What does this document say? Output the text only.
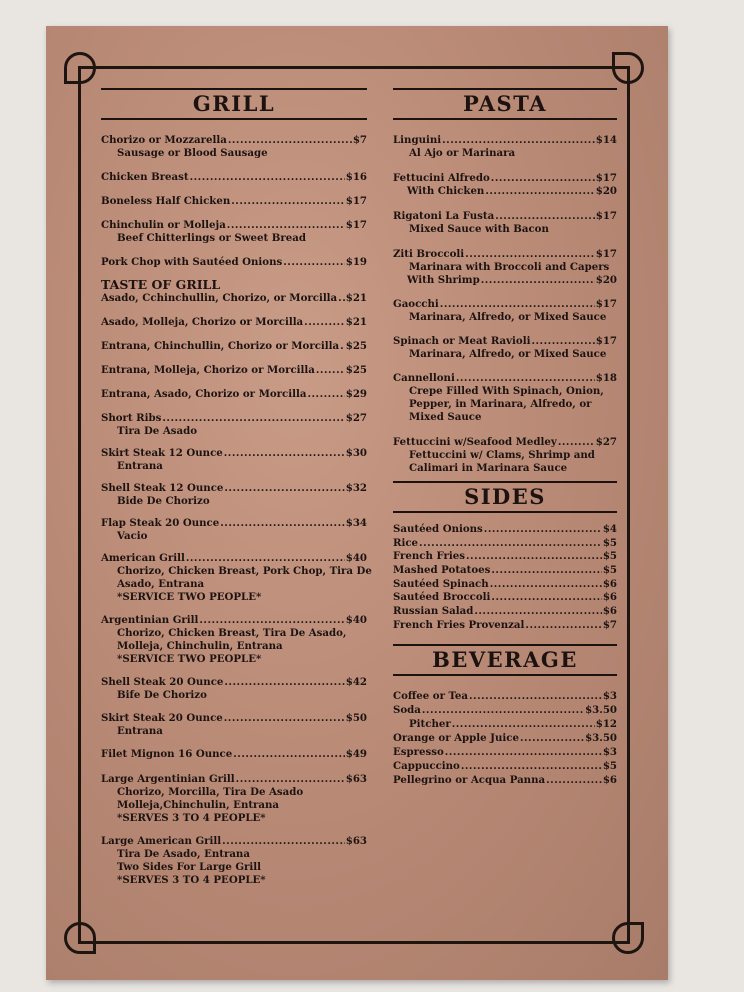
GRILL
Chorizo or Mozzarella .....	$7
Sausage or Blood Sausage
Chicken Breast .....	$16
Boneless Half Chicken .....	$17
Chinchulin or Molleja .....	$17
Beef Chitterlings or Sweet Bread
Pork Chop with Sautéed Onions .....	$19
TASTE OF GRILL
Asado, Cchinchullin, Chorizo, or Morcilla ..... $21
Asado, Molleja, Chorizo or Morcilla .....	$21
Entrana, Chinchullin, Chorizo or Morcilla ..... $25
Entrana, Molleja, Chorizo or Morcilla .....	$25
Entrana, Asado, Chorizo or Morcilla .....	$29
Short Ribs .....	$27
Tira De Asado
Skirt Steak 12 Ounce .....	$30
Entrana
Shell Steak 12 Ounce .....	$32
Bide De Chorizo
Flap Steak 20 Ounce .....	$34
Vacio
American Grill .....	$40
Chorizo, Chicken Breast, Pork Chop, Tira De
Asado, Entrana
*SERVICE TWO PEOPLE*
Argentinian Grill .....	$40
Chorizo, Chicken Breast, Tira De Asado,
Molleja, Chinchulin, Entrana
*SERVICE TWO PEOPLE*
Shell Steak 20 Ounce .....	$42
Bife De Chorizo
Skirt Steak 20 Ounce .....	$50
Entrana
Filet Mignon 16 Ounce .....	$49
Large Argentinian Grill .....	$63
Chorizo, Morcilla, Tira De Asado
Molleja,Chinchulin, Entrana
*SERVES 3 TO 4 PEOPLE*
Large American Grill .....	$63
Tira De Asado, Entrana
Two Sides For Large Grill
*SERVES 3 TO 4 PEOPLE*
PASTA
Linguini .....	$14
Al Ajo or Marinara
Fettucini Alfredo .....	$17
With Chicken .....	$20
Rigatoni La Fusta .....	$17
Mixed Sauce with Bacon
Ziti Broccoli .....	$17
Marinara with Broccoli and Capers
With Shrimp .....	$20
Gaocchi .....	$17
Marinara, Alfredo, or Mixed Sauce
Spinach or Meat Ravioli .....	$17
Marinara, Alfredo, or Mixed Sauce
Cannelloni .....	$18
Crepe Filled With Spinach, Onion,
Pepper, in Marinara, Alfredo, or
Mixed Sauce
Fettuccini w/Seafood Medley .....	$27
Fettuccini w/ Clams, Shrimp and
Calimari in Marinara Sauce
SIDES
Sautéed Onions .....	$4
Rice .....	$5
French Fries .....	$5
Mashed Potatoes .....	$5
Sautéed Spinach .....	$6
Sautéed Broccoli .....	$6
Russian Salad .....	$6
French Fries Provenzal .....	$7
BEVERAGE
Coffee or Tea .....	$3
Soda .....	$3.50
Pitcher .....	$12
Orange or Apple Juice .....	$3.50
Espresso .....	$3
Cappuccino .....	$5
Pellegrino or Acqua Panna .....	$6
